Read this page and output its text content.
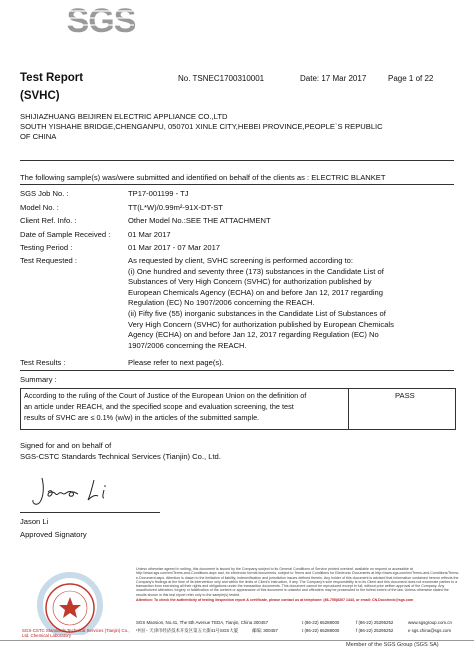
SGS
Test Report
(SVHC)
No. TSNEC1700310001	Date: 17 Mar 2017	Page 1 of 22
SHIJIAZHUANG BEIJIREN ELECTRIC APPLIANCE CO.,LTD
SOUTH YISHAHE BRIDGE,CHENGANPU, 050701 XINLE CITY,HEBEI PROVINCE,PEOPLE`S REPUBLIC
OF CHINA
The following sample(s) was/were submitted and identified on behalf of the clients as : ELECTRIC BLANKET
SGS Job No. :	TP17-001199 - TJ
Model No. :	TT(L*W)/0.99m²-91X-DT-ST
Client Ref. Info. :	Other Model No.:SEE THE ATTACHMENT
Date of Sample Received : 01 Mar 2017
Testing Period :	01 Mar 2017 - 07 Mar 2017
Test Requested :	As requested by client, SVHC screening is performed according to:
(i) One hundred and seventy three (173) substances in the Candidate List of
Substances of Very High Concern (SVHC) for authorization published by
European Chemicals Agency (ECHA) on and before Jan 12, 2017 regarding
Regulation (EC) No 1907/2006 concerning the REACH.
(ii) Fifty five (55) inorganic substances in the Candidate List of Substances of
Very High Concern (SVHC) for authorization published by European Chemicals
Agency (ECHA) on and before Jan 12, 2017 regarding Regulation (EC) No
1907/2006 concerning the REACH.
Test Results :	Please refer to next page(s).
Summary :
According to the ruling of the Court of Justice of the European Union on the definition of
an article under REACH, and the specified scope and evaluation screening, the test
results of SVHC are ≤ 0.1% (w/w) in the articles of the submitted sample.
PASS
Signed for and on behalf of
SGS-CSTC Standards Technical Services (Tianjin) Co., Ltd.
Jason Li
Approved Signatory
Unless otherwise agreed in writing, this document is issued by the Company subject to its General Conditions of Service printed overleaf, available on request or accessible at http://www.sgs.com/en/Terms-and-Conditions.aspx and, for electronic format documents, subject to Terms and Conditions for Electronic Documents at http://www.sgs.com/en/Terms-and-Conditions/Terms-e-Document.aspx. Attention is drawn to the limitation of liability, indemnification and jurisdiction issues defined therein. Any holder of this document is advised that information contained hereon reflects the Company's findings at the time of its intervention only and within the limits of Client's instruction, if any. The Company's sole responsibility is to its Client and this document does not exonerate parties to a transaction from exercising all their rights and obligations under the transaction documents. This document cannot be reproduced except in full, without prior written approval of the Company. Any unauthorized alteration, forgery or falsification of the content or appearance of this document is unlawful and offenders may be prosecuted to the fullest extent of the law. Unless otherwise stated the results shown in this test report refer only to the sample(s) tested.
Attention: To check the authenticity of testing /inspection report & certificate, please contact us at telephone: (86-755)8307 1443, or email: CN.Doccheck@sgs.com
SGS Mansion, No.41, The 5th Avenue TEDA, Tianjin, China 300457	t (86-22) 65288000	f (86-22) 25295252	www.sgsgroup.com.cn
中国・天津市经济技术开发区第五大街41号SGS大厦	邮编: 300457	t (86-22) 65288000	f (86-22) 25295252	e sgs.china@sgs.com
SGS-CSTC Standards Technical Services (Tianjin) Co., Ltd. Chemical Laboratory
Member of the SGS Group (SGS SA)
